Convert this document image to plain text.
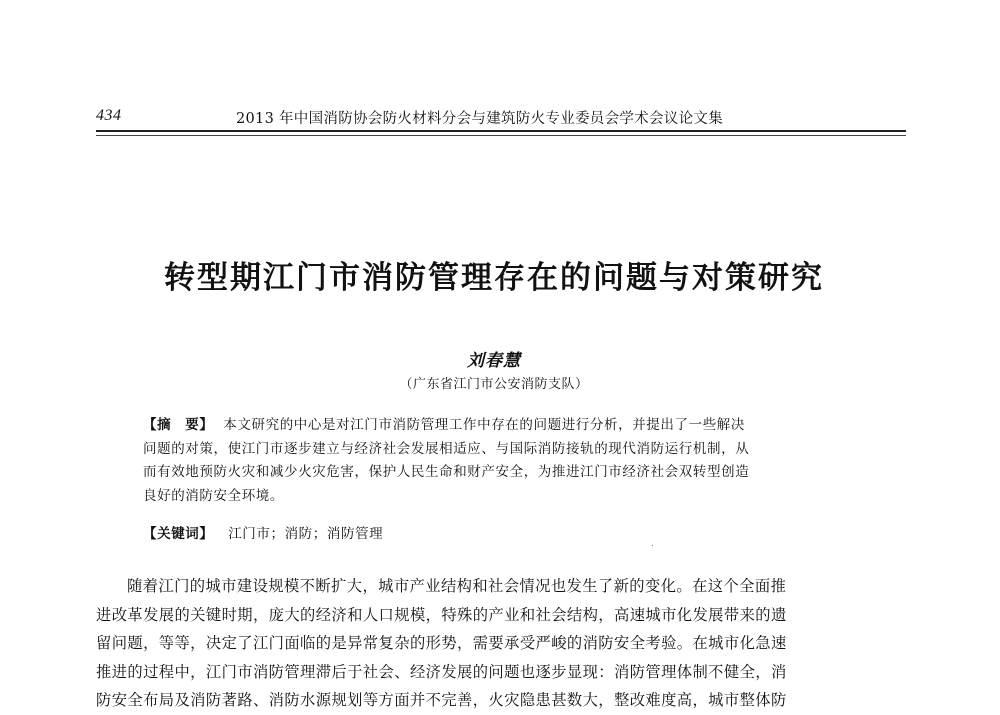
434	2013 年中国消防协会防火材料分会与建筑防火专业委员会学术会议论文集
转型期江门市消防管理存在的问题与对策研究
刘春慧
（广东省江门市公安消防支队）
【摘　要】 本文研究的中心是对江门市消防管理工作中存在的问题进行分析，并提出了一些解决
问题的对策，使江门市逐步建立与经济社会发展相适应、与国际消防接轨的现代消防运行机制，从
而有效地预防火灾和减少火灾危害，保护人民生命和财产安全，为推进江门市经济社会双转型创造
良好的消防安全环境。
【关键词】 江门市；消防；消防管理
随着江门的城市建设规模不断扩大，城市产业结构和社会情况也发生了新的变化。在这个全面推
进改革发展的关键时期，庞大的经济和人口规模，特殊的产业和社会结构，高速城市化发展带来的遗
留问题，等等，决定了江门面临的是异常复杂的形势，需要承受严峻的消防安全考验。在城市化急速
推进的过程中，江门市消防管理滞后于社会、经济发展的问题也逐步显现：消防管理体制不健全，消
防安全布局及消防著路、消防水源规划等方面并不完善，火灾隐患甚数大，整改难度高，城市整体防
